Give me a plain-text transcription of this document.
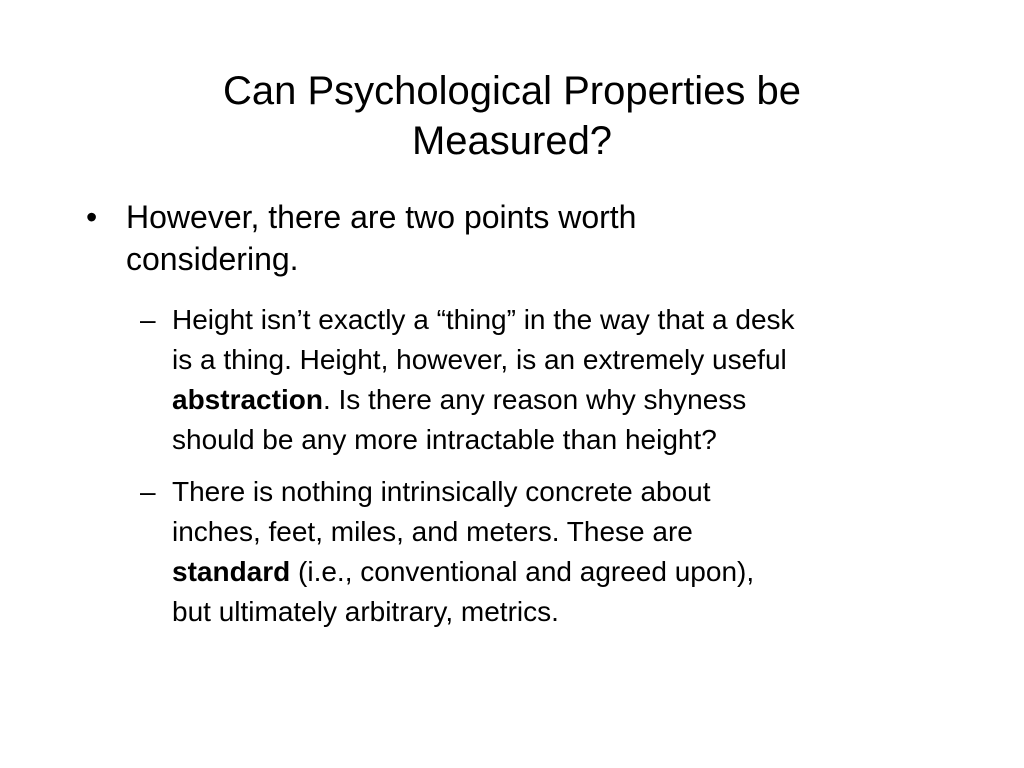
Can Psychological Properties be
Measured?
• However, there are two points worth
considering.
– Height isn’t exactly a “thing” in the way that a desk
is a thing. Height, however, is an extremely useful
abstraction. Is there any reason why shyness
should be any more intractable than height?
– There is nothing intrinsically concrete about
inches, feet, miles, and meters. These are
standard (i.e., conventional and agreed upon),
but ultimately arbitrary, metrics.
